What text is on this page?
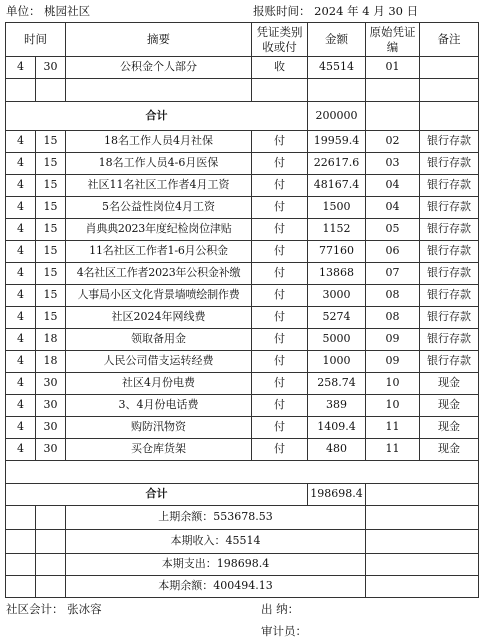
单位： 桃园社区	报账时间： 2024 年 4 月 30 日
时间		摘要	凭证类别收或付	金额	原始凭证 编	备注
4	30	公积金个人部分	收	45514	01	

合计				200000		
4	15	18名工作人员4月社保	付	19959.4	02	银行存款
4	15	18名工作人员4-6月医保	付	22617.6	03	银行存款
4	15	社区11名社区工作者4月工资	付	48167.4	04	银行存款
4	15	5名公益性岗位4月工资	付	1500	04	银行存款
4	15	肖典典2023年度纪检岗位津贴	付	1152	05	银行存款
4	15	11名社区工作者1-6月公积金	付	77160	06	银行存款
4	15	4名社区工作者2023年公积金补缴	付	13868	07	银行存款
4	15	人事局小区文化背景墙喷绘制作费	付	3000	08	银行存款
4	15	社区2024年网线费	付	5274	08	银行存款
4	18	领取备用金	付	5000	09	银行存款
4	18	人民公司借支运转经费	付	1000	09	银行存款
4	30	社区4月份电费	付	258.74	10	现金
4	30	3、4月份电话费	付	389	10	现金
4	30	购防汛物资	付	1409.4	11	现金
4	30	买仓库货架	付	480	11	现金

合计				198698.4		
		上期余额：553678.53				
		本期收入：45514				
		本期支出：198698.4				
		本期余额：400494.13				
社区会计： 张冰容	出 纳：
审计员：
